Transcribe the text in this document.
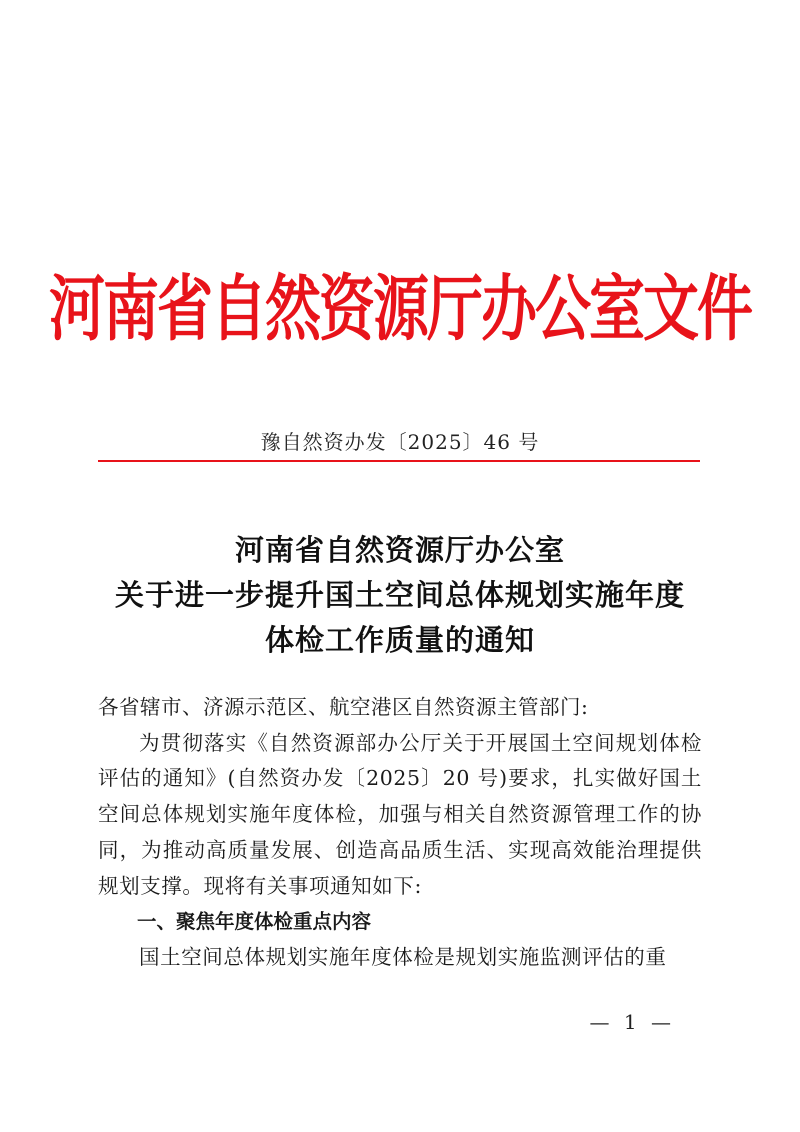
河南省自然资源厅办公室文件
豫自然资办发〔2025〕46 号
河南省自然资源厅办公室
关于进一步提升国土空间总体规划实施年度
体检工作质量的通知

各省辖市、济源示范区、航空港区自然资源主管部门:

为贯彻落实《自然资源部办公厅关于开展国土空间规划体检评估的通知》(自然资办发〔2025〕20 号)要求，扎实做好国土空间总体规划实施年度体检，加强与相关自然资源管理工作的协同，为推动高质量发展、创造高品质生活、实现高效能治理提供规划支撑。现将有关事项通知如下:

一、聚焦年度体检重点内容

国土空间总体规划实施年度体检是规划实施监测评估的重

— 1 —
